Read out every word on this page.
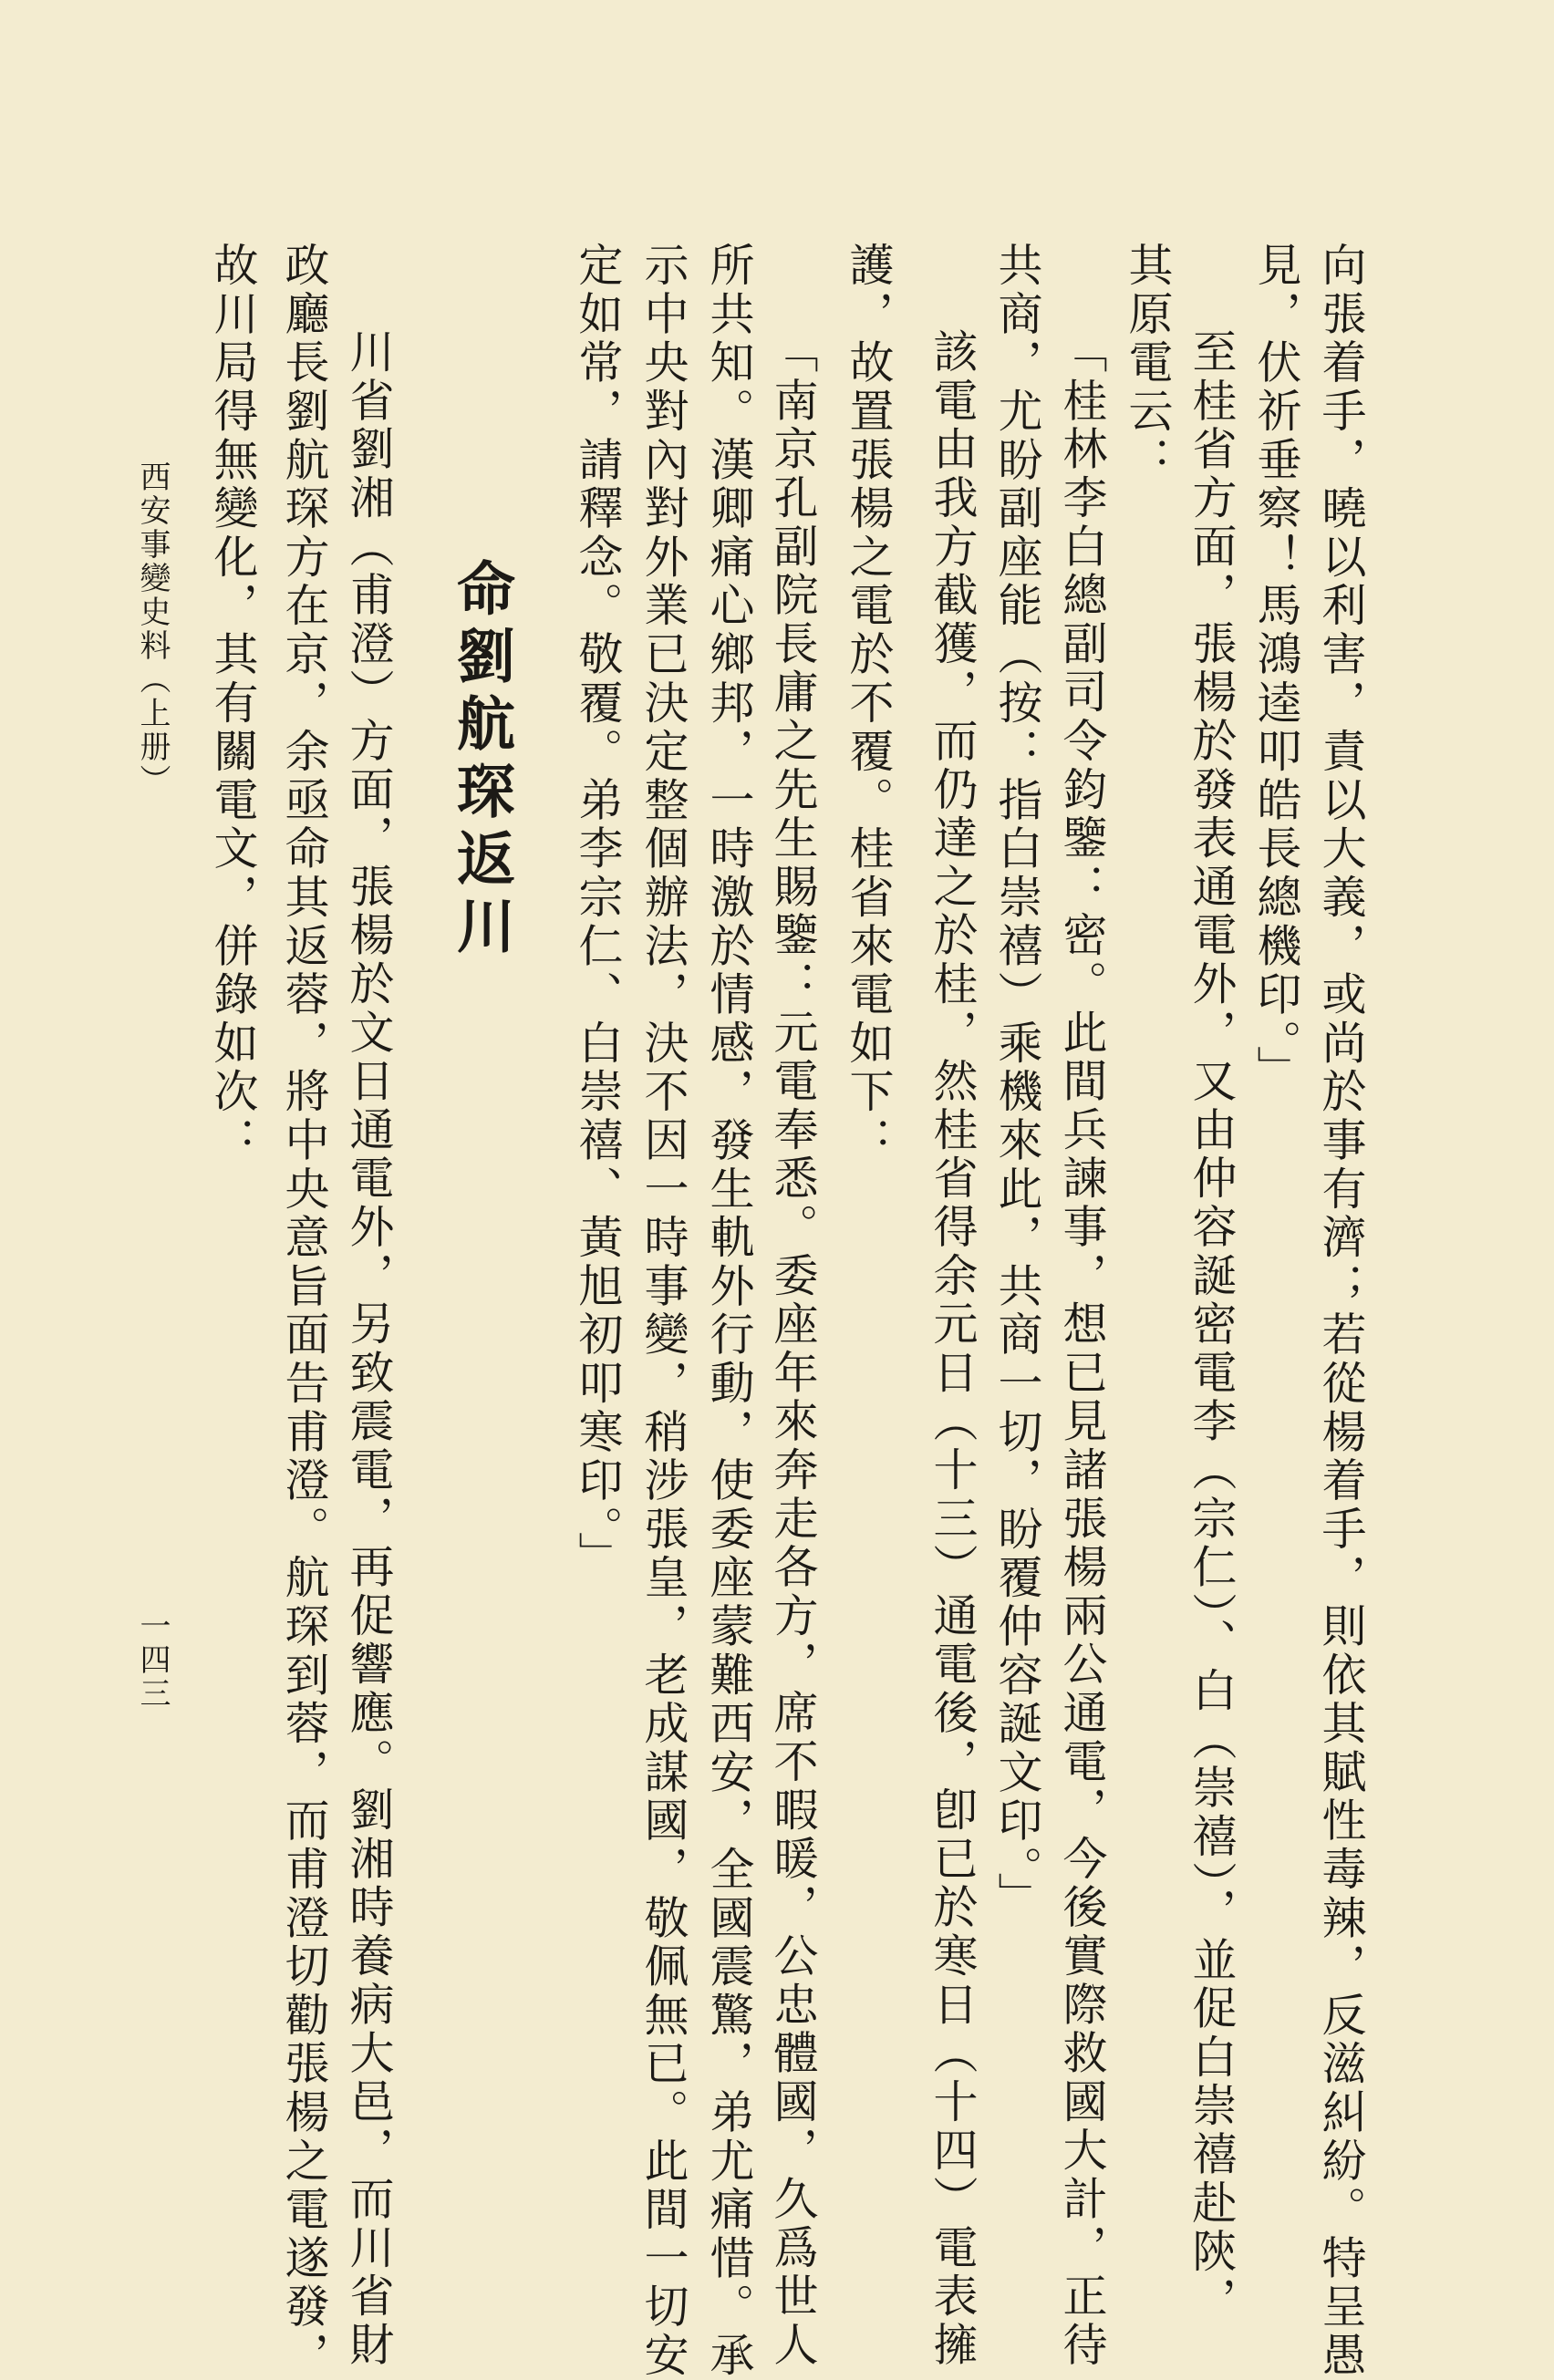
向張着手，曉以利害，責以大義，或尚於事有濟；若從楊着手，則依其賦性毒辣，反滋糾紛。特呈愚
見，伏祈垂察！馬鴻逵叩皓長總機印。」
至桂省方面，張楊於發表通電外，又由仲容誕密電李（宗仁）、白（崇禧），並促白崇禧赴陝，
其原電云：
「桂林李白總副司令鈞鑒：密。此間兵諫事，想已見諸張楊兩公通電，今後實際救國大計，正待
共商，尤盼副座能（按：指白崇禧）乘機來此，共商一切，盼覆仲容誕文印。」
該電由我方截獲，而仍達之於桂，然桂省得余元日（十三）通電後，卽已於寒日（十四）電表擁
護，故置張楊之電於不覆。桂省來電如下：
「南京孔副院長庸之先生賜鑒：元電奉悉。委座年來奔走各方，席不暇暖，公忠體國，久爲世人
所共知。漢卿痛心鄉邦，一時激於情感，發生軌外行動，使委座蒙難西安，全國震驚，弟尤痛惜。承
示中央對內對外業已決定整個辦法，決不因一時事變，稍涉張皇，老成謀國，敬佩無已。此間一切安
定如常，請釋念。敬覆。弟李宗仁、白崇禧、黃旭初叩寒印。」
命劉航琛返川
川省劉湘（甫澄）方面，張楊於文日通電外，另致震電，再促響應。劉湘時養病大邑，而川省財
政廳長劉航琛方在京，余亟命其返蓉，將中央意旨面告甫澄。航琛到蓉，而甫澄切勸張楊之電遂發，
故川局得無變化，其有關電文，併錄如次：
西安事變史料（上册）
一四三
